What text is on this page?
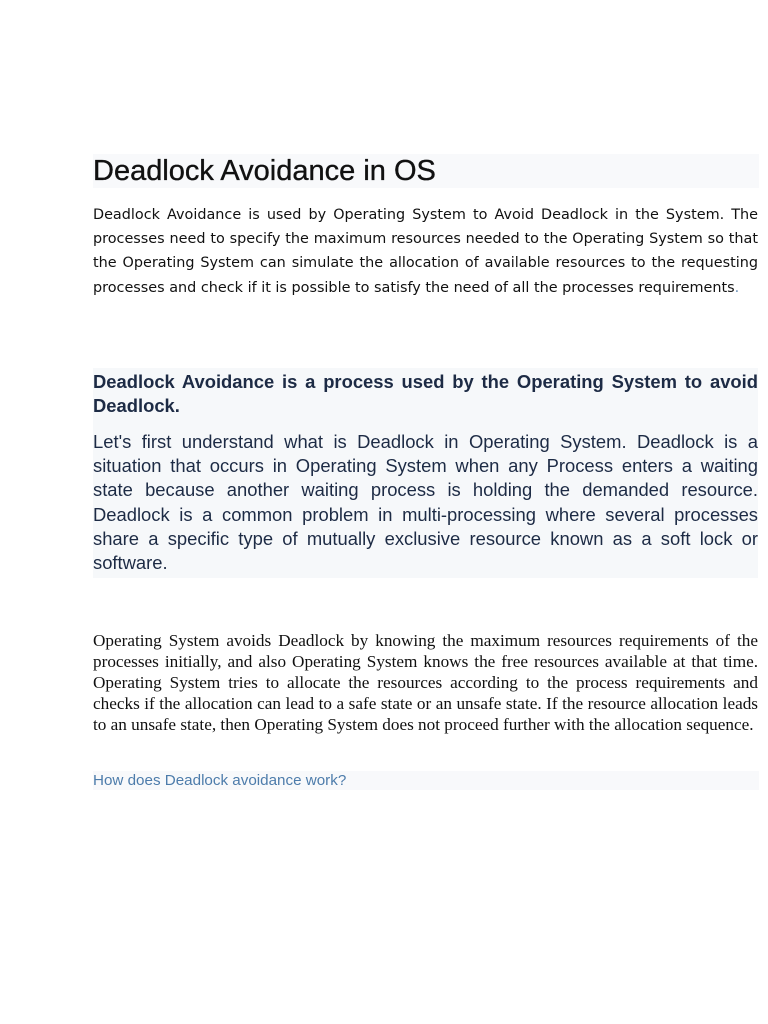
Deadlock Avoidance in OS

Deadlock Avoidance is used by Operating System to Avoid Deadlock in the System. The processes need to specify the maximum resources needed to the Operating System so that the Operating System can simulate the allocation of available resources to the requesting processes and check if it is possible to satisfy the need of all the processes requirements.

Deadlock Avoidance is a process used by the Operating System to avoid Deadlock.

Let's first understand what is Deadlock in Operating System. Deadlock is a situation that occurs in Operating System when any Process enters a waiting state because another waiting process is holding the demanded resource. Deadlock is a common problem in multi-processing where several processes share a specific type of mutually exclusive resource known as a soft lock or software.

Operating System avoids Deadlock by knowing the maximum resources requirements of the processes initially, and also Operating System knows the free resources available at that time. Operating System tries to allocate the resources according to the process requirements and checks if the allocation can lead to a safe state or an unsafe state. If the resource allocation leads to an unsafe state, then Operating System does not proceed further with the allocation sequence.

How does Deadlock avoidance work?
